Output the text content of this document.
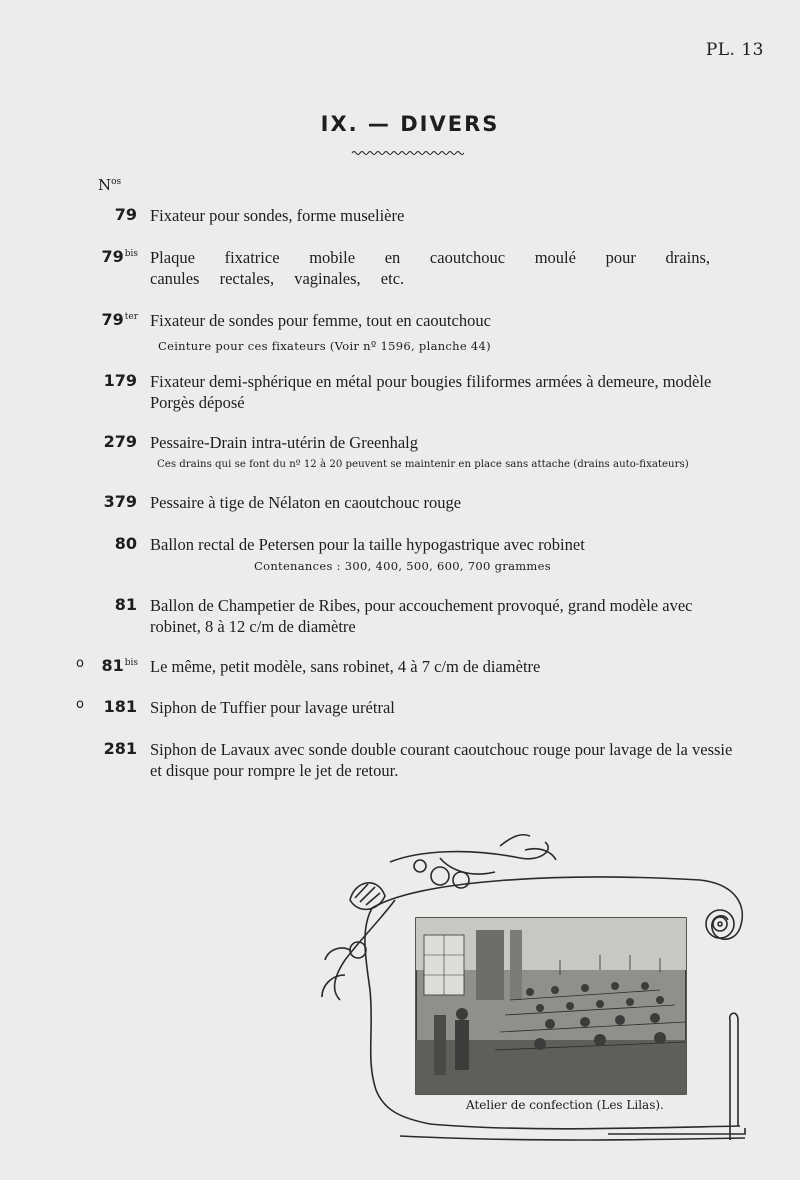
PL. 13
IX. — DIVERS
$N^{os}$
79 Fixateur pour sondes, forme muselière
$79^{bis}$ Plaque fixatrice mobile en caoutchouc moulé pour drains, canules rectales, vaginales, etc.
$79^{ter}$ Fixateur de sondes pour femme, tout en caoutchouc
Ceinture pour ces fixateurs (Voir nº 1596, planche 44)
179 Fixateur demi-sphérique en métal pour bougies filiformes armées à demeure, modèle Porgès déposé
279 Pessaire-Drain intra-utérin de Greenhalg
Ces drains qui se font du nº 12 à 20 peuvent se maintenir en place sans attache (drains auto-fixateurs)
379 Pessaire à tige de Nélaton en caoutchouc rouge
80 Ballon rectal de Petersen pour la taille hypogastrique avec robinet
Contenances : 300, 400, 500, 600, 700 grammes
81 Ballon de Champetier de Ribes, pour accouchement provoqué, grand modèle avec robinet, 8 à 12 c/m de diamètre
o	$81^{bis}$ Le même, petit modèle, sans robinet, 4 à 7 c/m de diamètre
o	181 Siphon de Tuffier pour lavage urétral
281 Siphon de Lavaux avec sonde double courant caoutchouc rouge pour lavage de la vessie et disque pour rompre le jet de retour.
Atelier de confection (Les Lilas).
